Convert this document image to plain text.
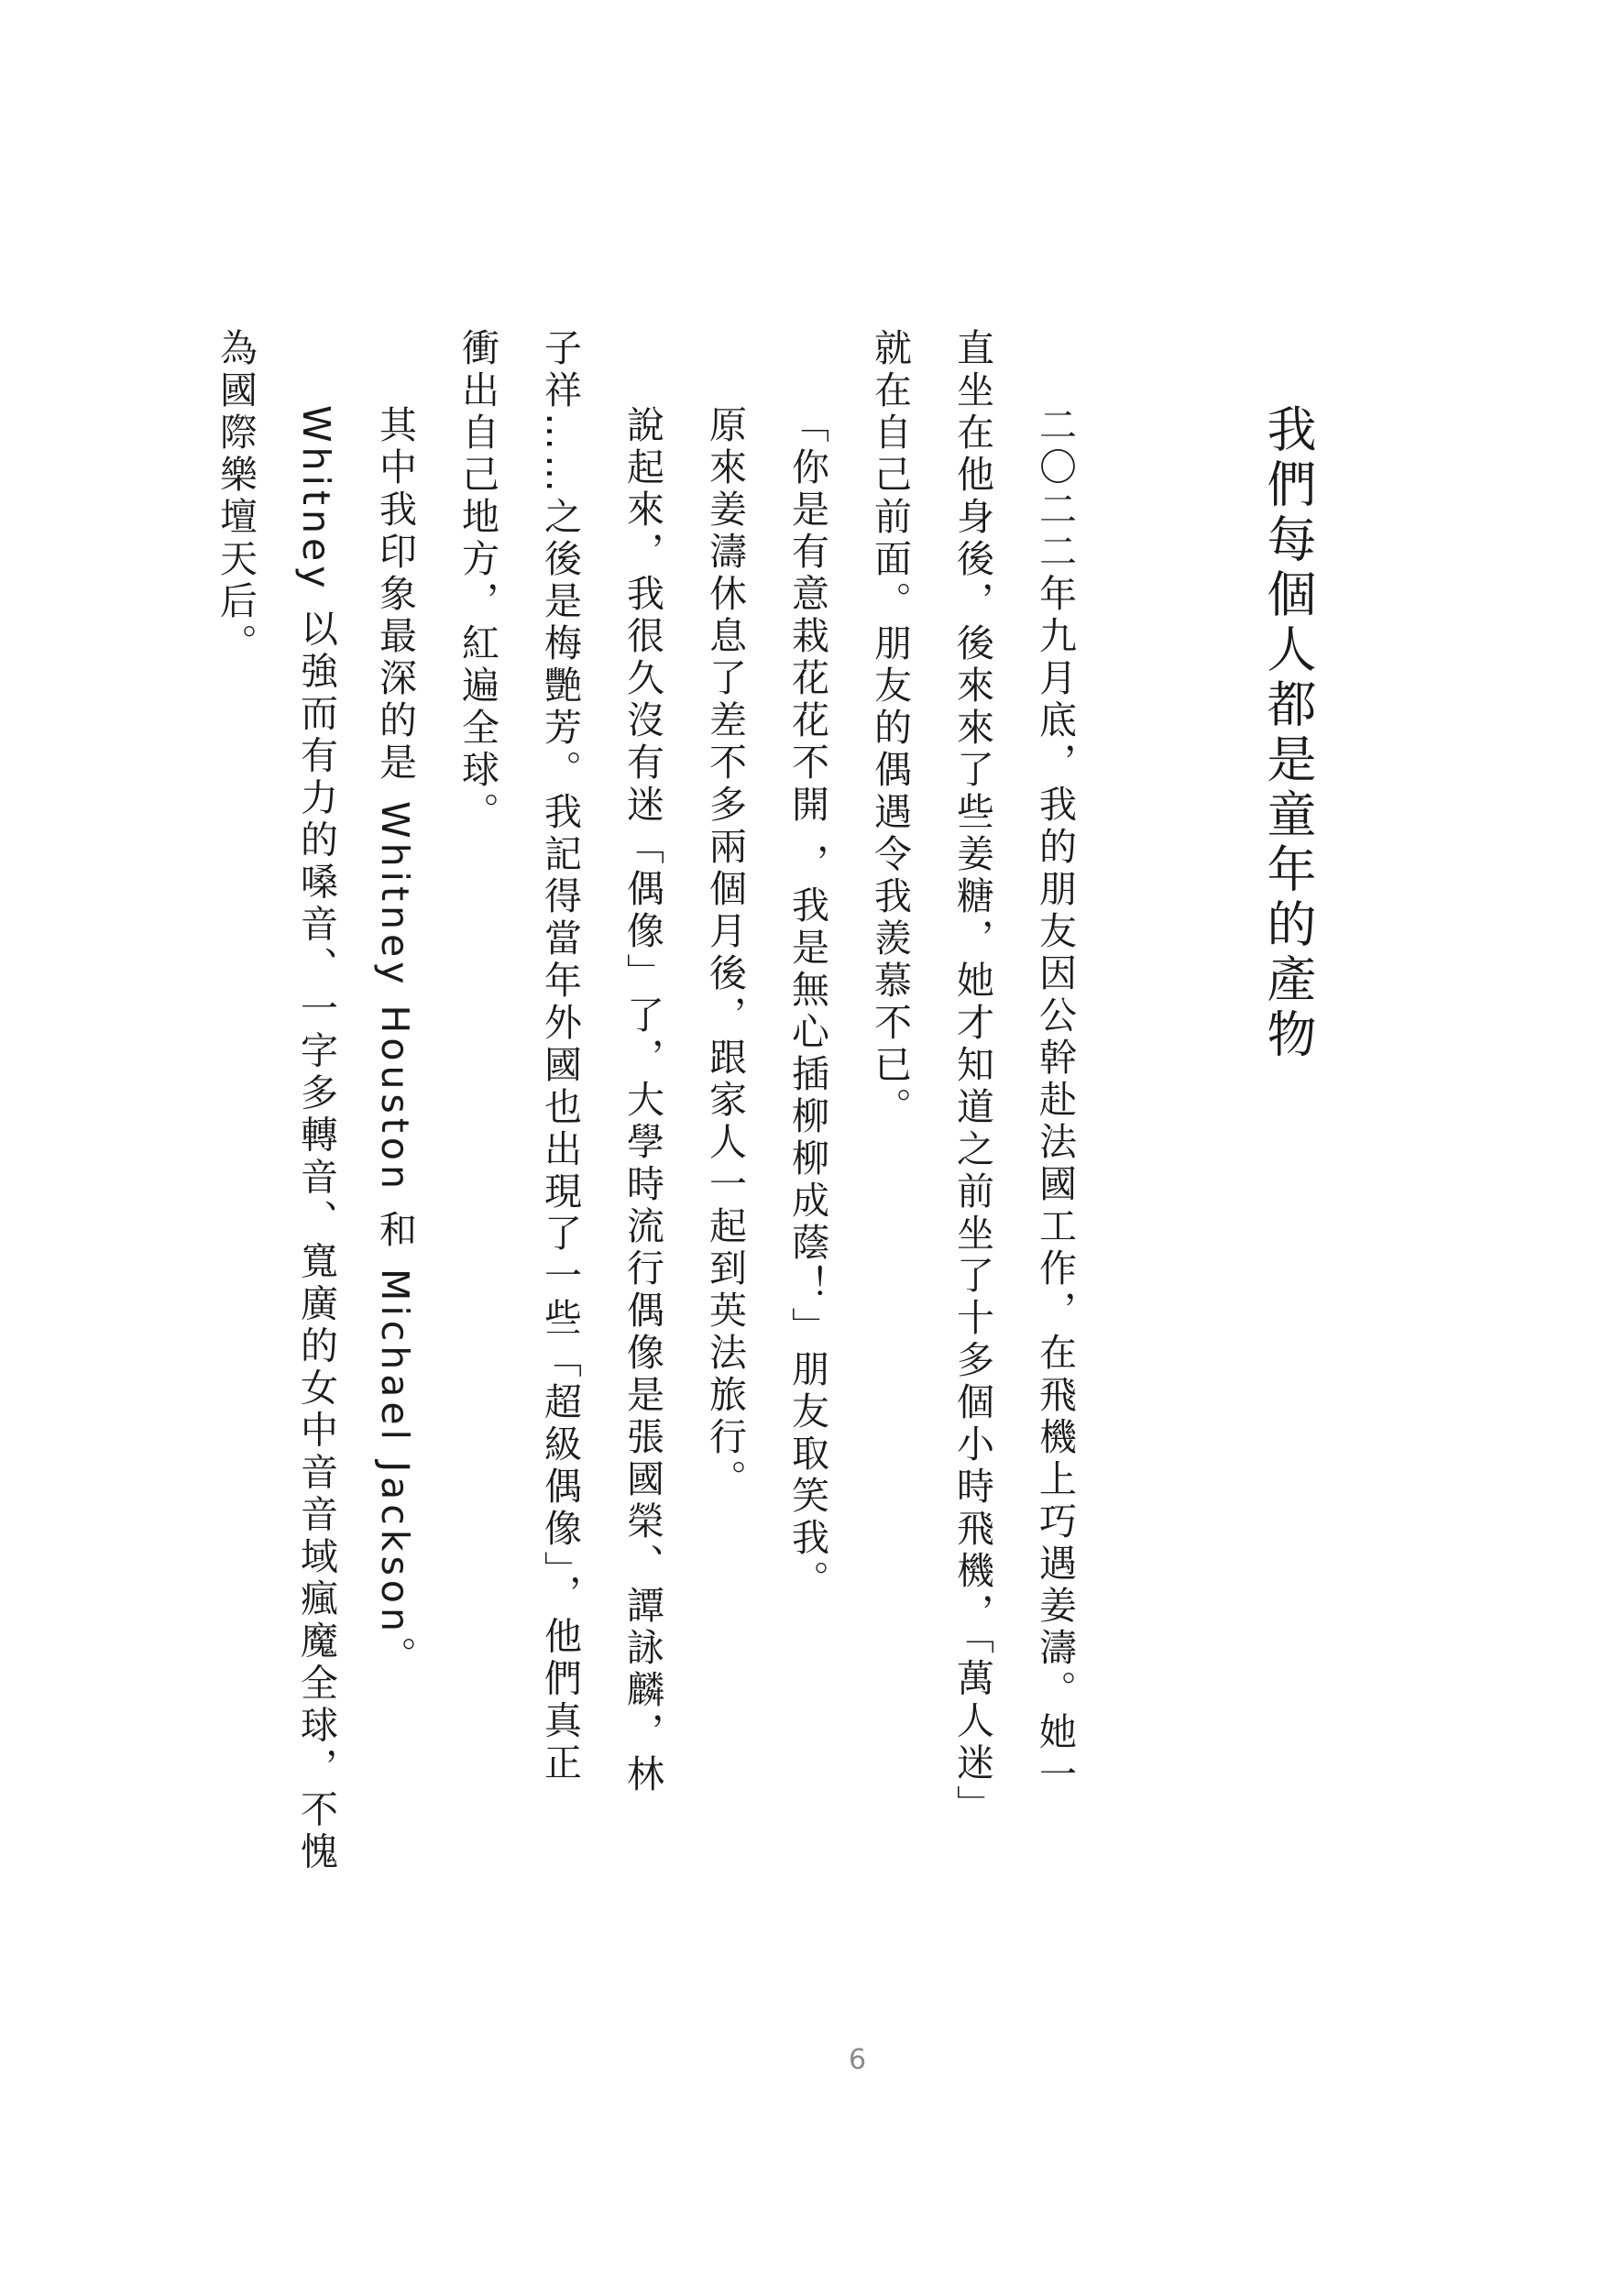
我們每個人都是童年的產物
二〇二二年九月底，我的朋友因公幹赴法國工作，在飛機上巧遇姜濤。她一
直坐在他身後，後來來了些姜糖，她才知道之前坐了十多個小時飛機，「萬人迷」
就在自己前面。朋友的偶遇令我羨慕不已。
「你是有意栽花花不開 ，我是無心插柳柳成蔭！」朋友取笑我。
原來姜濤休息了差不多兩個月後，跟家人一起到英法旅行。
說起來，我很久沒有迷「偶像」了，大學時流行偶像是張國榮、譚詠麟，林
子祥……之後是梅艷芳。我記得當年外國也出現了一些「超級偶像」，他們真正
衝出自己地方，紅遍全球。
其中我印象最深的是 Whitney Houston 和 Michael Jackson。
Whitney 以強而有力的嗓音、一字多轉音、寬廣的女中音音域瘋魔全球，不愧
為國際樂壇天后。
6
